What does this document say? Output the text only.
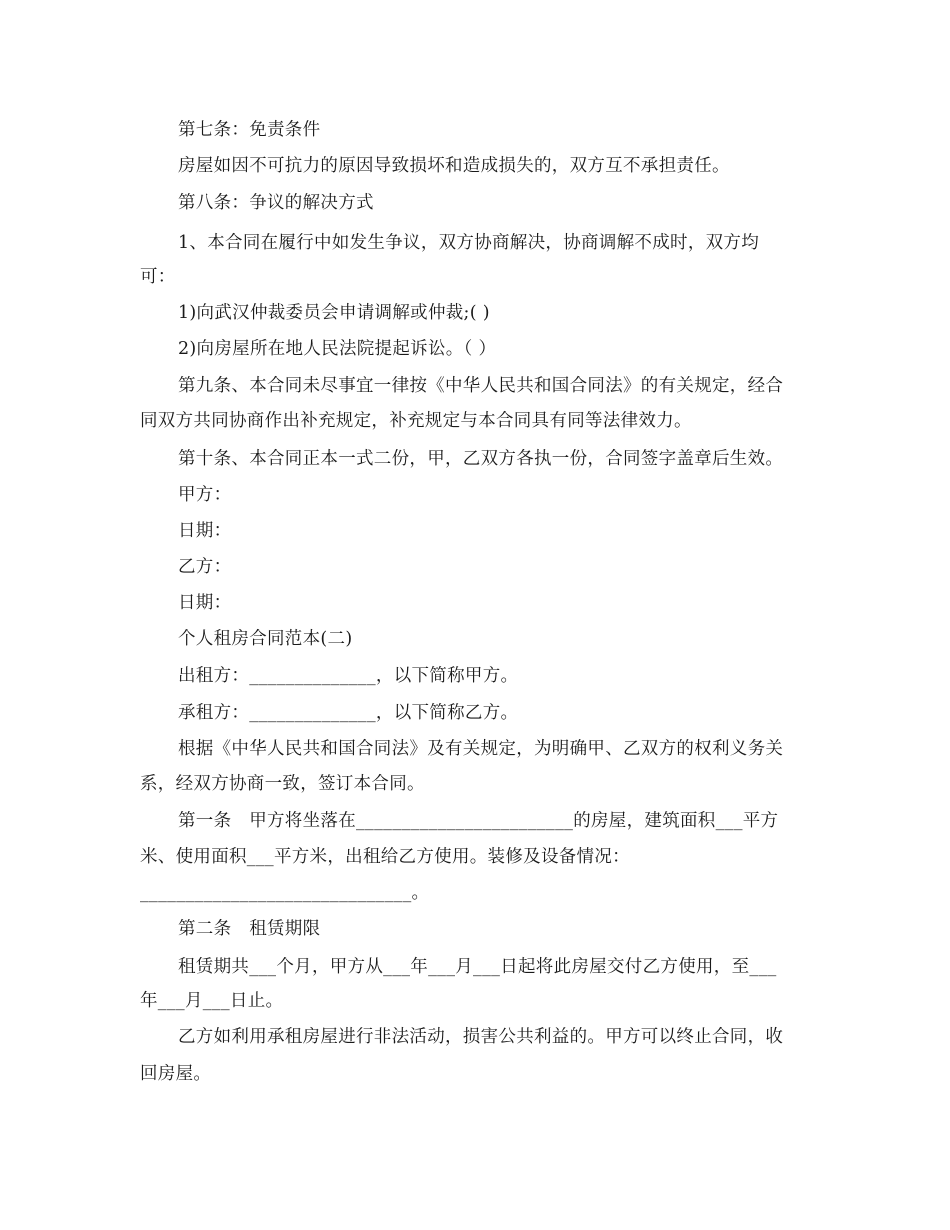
第七条：免责条件
房屋如因不可抗力的原因导致损坏和造成损失的，双方互不承担责任。
第八条：争议的解决方式
1、本合同在履行中如发生争议，双方协商解决，协商调解不成时，双方均
可：
1)向武汉仲裁委员会申请调解或仲裁;( )
2)向房屋所在地人民法院提起诉讼。（ ）
第九条、本合同未尽事宜一律按《中华人民共和国合同法》的有关规定，经合
同双方共同协商作出补充规定，补充规定与本合同具有同等法律效力。
第十条、本合同正本一式二份，甲，乙双方各执一份，合同签字盖章后生效。
甲方：
日期：
乙方：
日期：
个人租房合同范本(二)
出租方：______________，以下简称甲方。
承租方：______________，以下简称乙方。
根据《中华人民共和国合同法》及有关规定，为明确甲、乙双方的权利义务关
系，经双方协商一致，签订本合同。
第一条　甲方将坐落在________________________的房屋，建筑面积___平方
米、使用面积___平方米，出租给乙方使用。装修及设备情况：
______________________________。
第二条　租赁期限
租赁期共___个月，甲方从___年___月___日起将此房屋交付乙方使用，至___
年___月___日止。
乙方如利用承租房屋进行非法活动，损害公共利益的。甲方可以终止合同，收
回房屋。
